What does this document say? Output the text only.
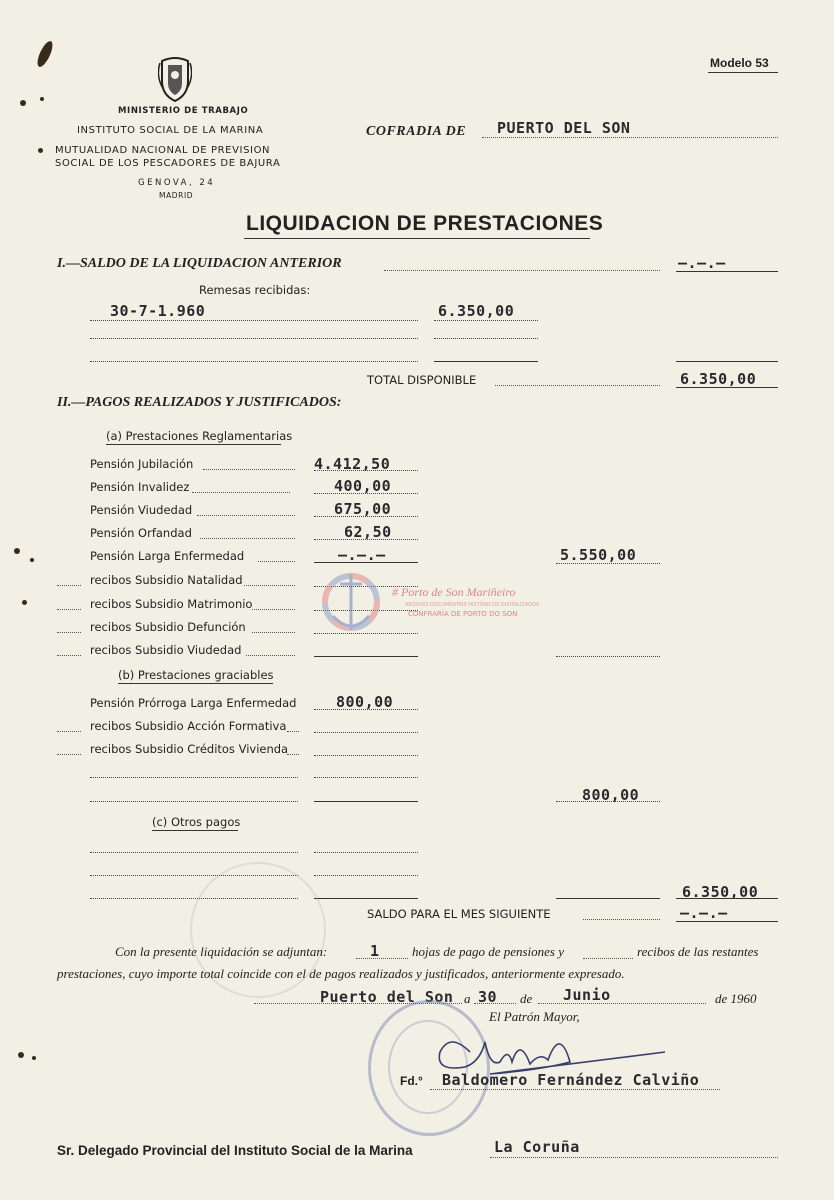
Modelo 53
MINISTERIO DE TRABAJO
INSTITUTO SOCIAL DE LA MARINA
MUTUALIDAD NACIONAL DE PREVISION
SOCIAL DE LOS PESCADORES DE BAJURA
GENOVA, 24
MADRID
COFRADIA DE PUERTO DEL SON
LIQUIDACION DE PRESTACIONES
I.—SALDO DE LA LIQUIDACION ANTERIOR	—.—.—
Remesas recibidas:
30-7-1.960	6.350,00
TOTAL DISPONIBLE	6.350,00
II.—PAGOS REALIZADOS Y JUSTIFICADOS:
(a) Prestaciones Reglamentarias
Pensión Jubilación	4.412,50
Pensión Invalidez	400,00
Pensión Viudedad	675,00
Pensión Orfandad	62,50
Pensión Larga Enfermedad	—.—.—	5.550,00
recibos Subsidio Natalidad
recibos Subsidio Matrimonio
recibos Subsidio Defunción
recibos Subsidio Viudedad
(b) Prestaciones graciables
Pensión Prórroga Larga Enfermedad	800,00
recibos Subsidio Acción Formativa
recibos Subsidio Créditos Vivienda
800,00
(c) Otros pagos
6.350,00
SALDO PARA EL MES SIGUIENTE	—.—.—
# Porto de Son Mariñeiro
ARQUIVO DOCUMENTAIS HISTÓRICOS DIXITALIZADOS
CONFRARÍA DE PORTO DO SON
Con la presente liquidación se adjuntan:	1 hojas de pago de pensiones y	recibos de las restantes
prestaciones, cuyo importe total coincide con el de pagos realizados y justificados, anteriormente expresado.
Puerto del Son a 30 de Junio	de 1960
El Patrón Mayor,
Fd.° Baldomero Fernández Calviño
Sr. Delegado Provincial del Instituto Social de la Marina	La Coruña
